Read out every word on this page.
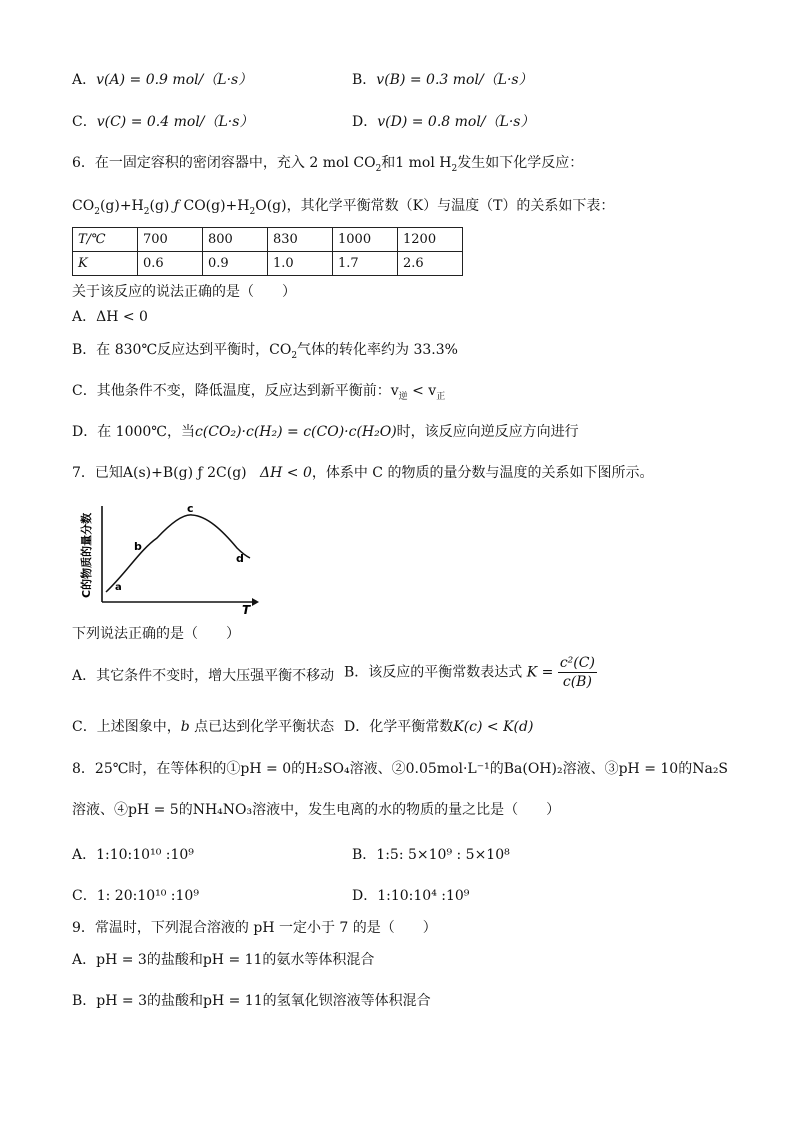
A．v(A) = 0.9 mol/（L·s）	B．v(B) = 0.3 mol/（L·s）
C．v(C) = 0.4 mol/（L·s）	D．v(D) = 0.8 mol/（L·s）
6．在一固定容积的密闭容器中，充入 2 mol $CO_2$和1 mol $H_2$发生如下化学反应：
$CO_2(g)+H_2(g)$ ƒ $CO(g)+H_2O(g)$，其化学平衡常数（K）与温度（T）的关系如下表：
T/℃	700	800	830	1000	1200
K	0.6	0.9	1.0	1.7	2.6
关于该反应的说法正确的是（　　）
A．ΔH < 0
B．在 830℃反应达到平衡时，$CO_2$气体的转化率约为 33.3%
C．其他条件不变，降低温度，反应达到新平衡前：$v_逆 < v_正$
D．在 1000℃，当c(CO₂)·c(H₂) = c(CO)·c(H₂O)时，该反应向逆反应方向进行
7．已知A(s)+B(g) ƒ 2C(g) ΔH < 0，体系中 C 的物质的量分数与温度的关系如下图所示。
C的物质的量分数
T
a
b
c
d
下列说法正确的是（　　）
A．其它条件不变时，增大压强平衡不移动 B．该反应的平衡常数表达式 $K = \frac{\text{c²(C)}}{c(B)}$
C．上述图象中，b 点已达到化学平衡状态 D．化学平衡常数K(c) < K(d)
8．25℃时，在等体积的①pH = 0的H₂SO₄溶液、②0.05mol·L⁻¹的Ba(OH)₂溶液、③pH = 10的Na₂S
溶液、④pH = 5的NH₄NO₃溶液中，发生电离的水的物质的量之比是（　　）
A．1:10:10¹⁰ :10⁹	B．1:5: 5×10⁹ : 5×10⁸
C．1: 20:10¹⁰ :10⁹	D．1:10:10⁴ :10⁹
9．常温时，下列混合溶液的 pH 一定小于 7 的是（　　）
A．pH = 3的盐酸和pH = 11的氨水等体积混合
B．pH = 3的盐酸和pH = 11的氢氧化钡溶液等体积混合
